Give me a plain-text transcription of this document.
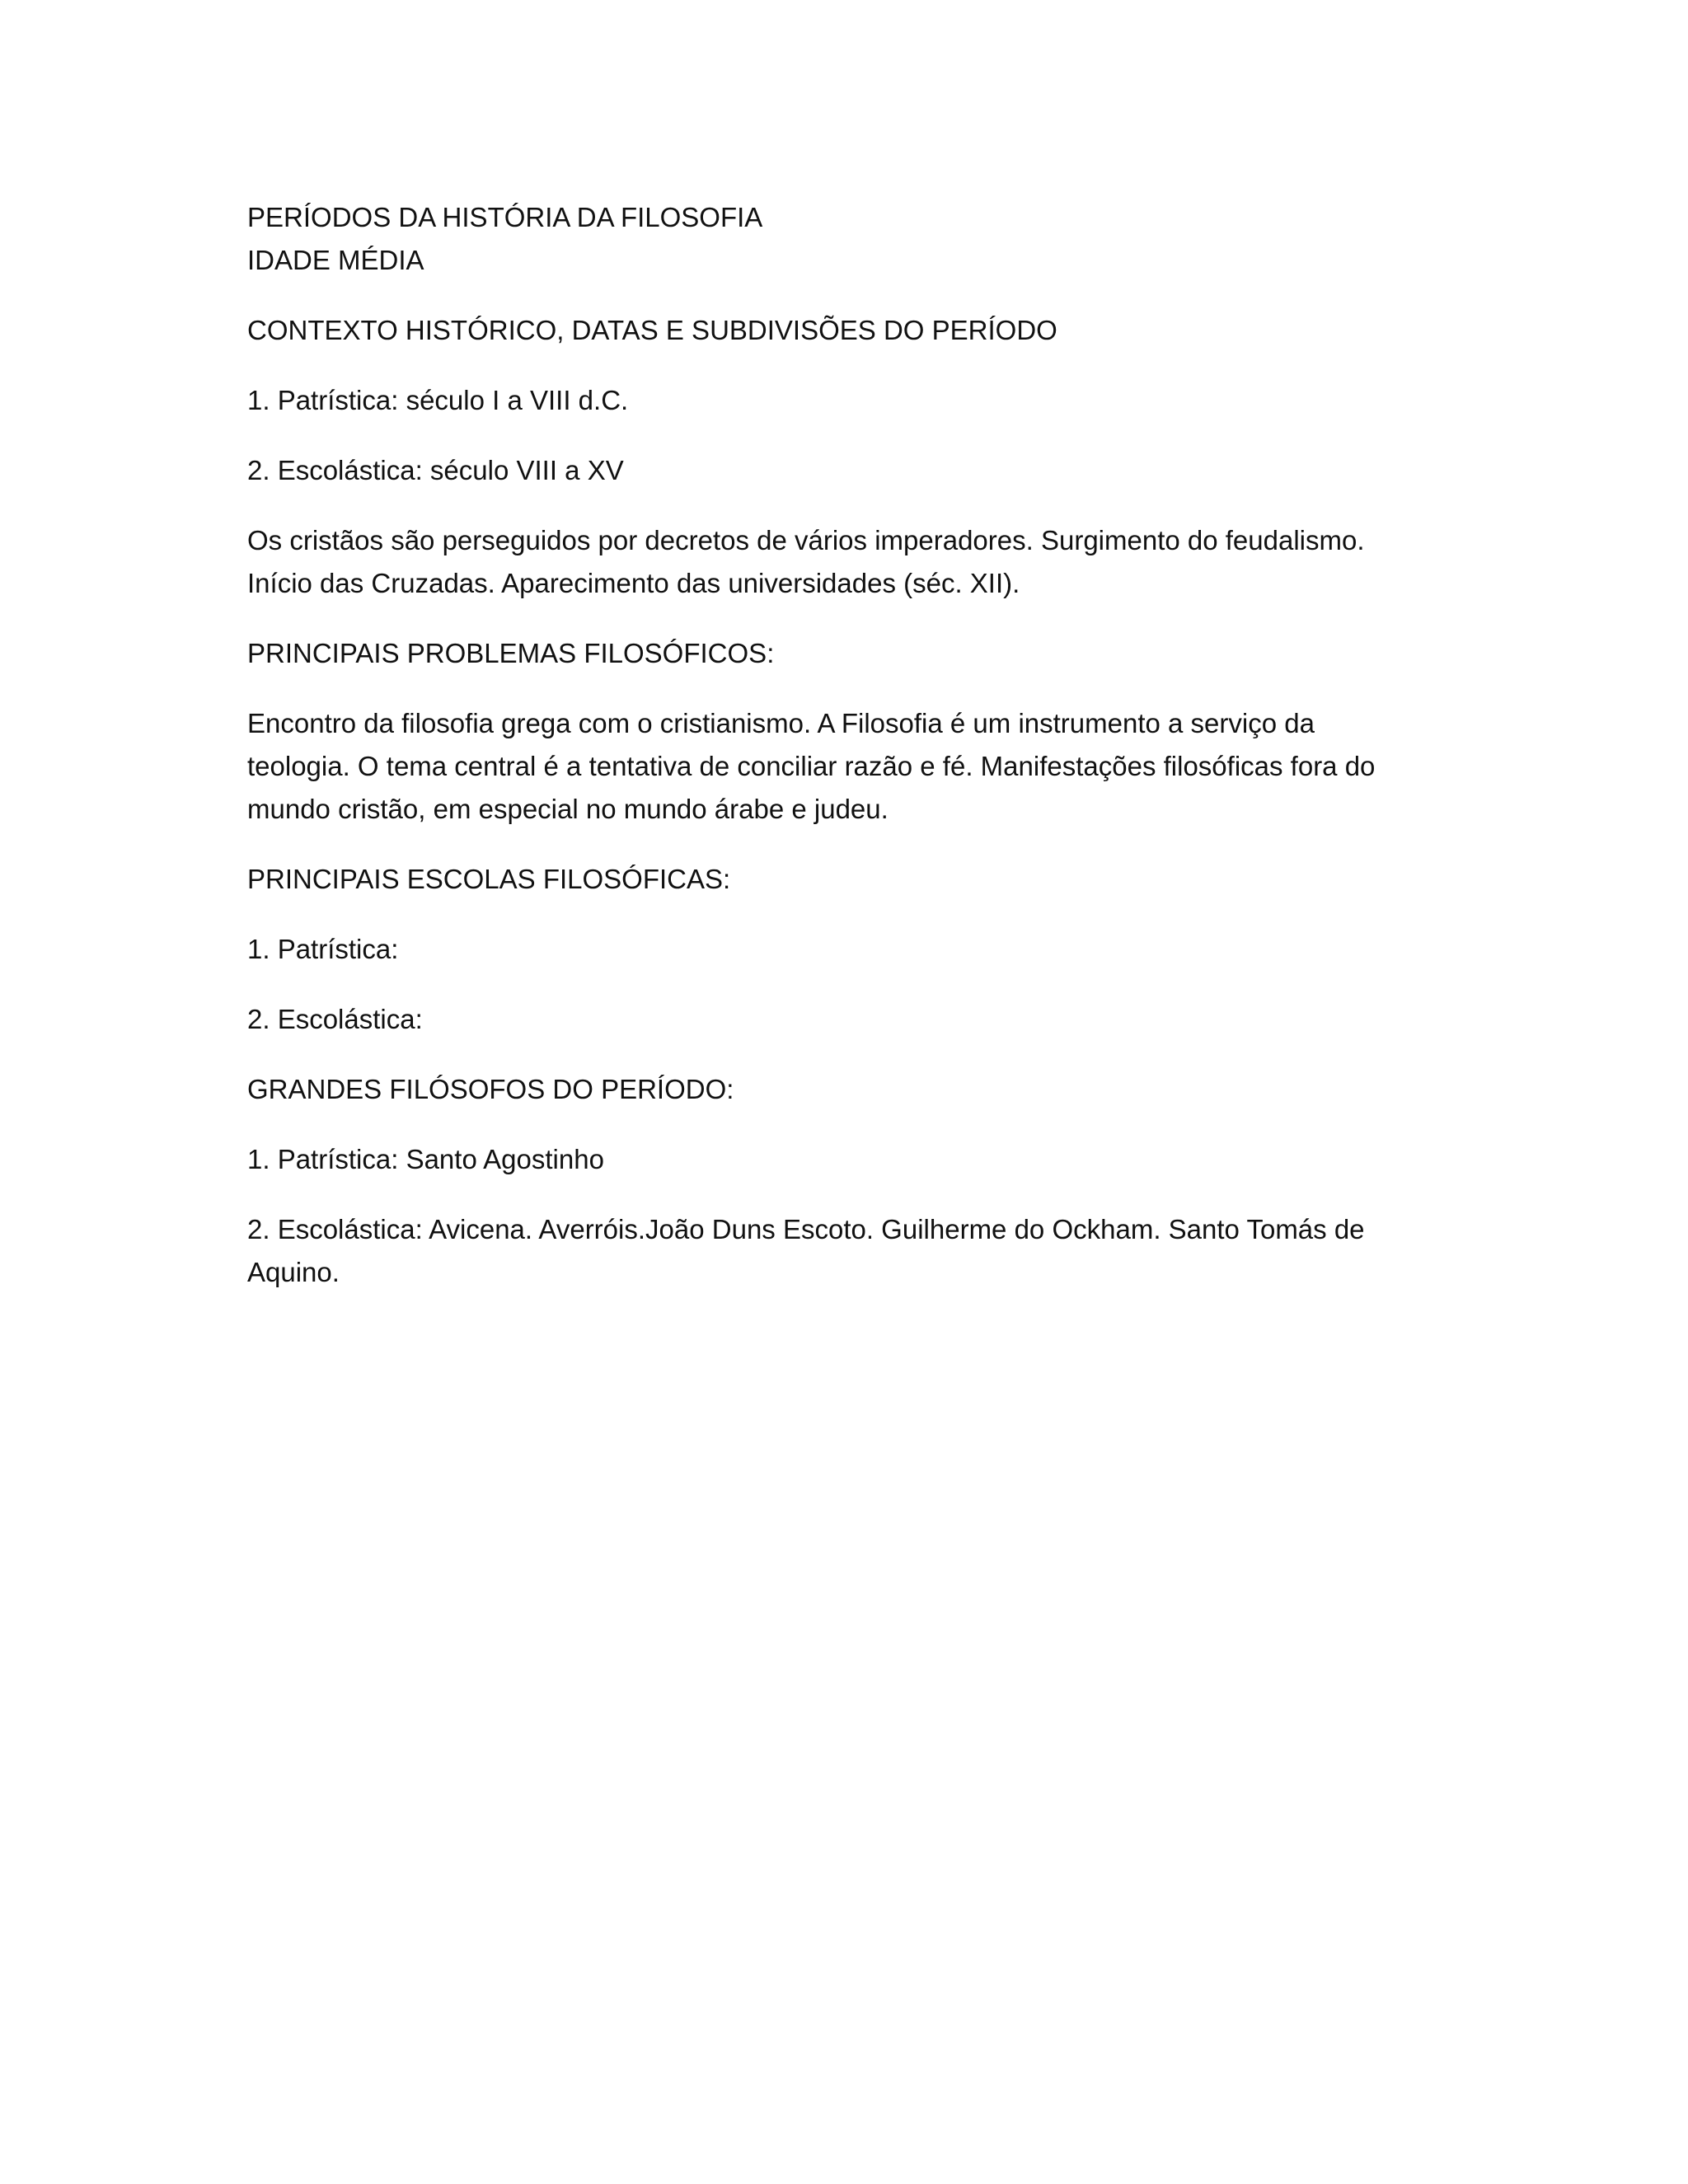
PERÍODOS DA HISTÓRIA DA FILOSOFIA
IDADE MÉDIA
CONTEXTO HISTÓRICO, DATAS E SUBDIVISÕES DO PERÍODO
1. Patrística: século I a VIII d.C.
2. Escolástica: século VIII a XV
Os cristãos são perseguidos por decretos de vários imperadores. Surgimento do feudalismo.
Início das Cruzadas. Aparecimento das universidades (séc. XII).
PRINCIPAIS PROBLEMAS FILOSÓFICOS:
Encontro da filosofia grega com o cristianismo. A Filosofia é um instrumento a serviço da
teologia. O tema central é a tentativa de conciliar razão e fé. Manifestações filosóficas fora do
mundo cristão, em especial no mundo árabe e judeu.
PRINCIPAIS ESCOLAS FILOSÓFICAS:
1. Patrística:
2. Escolástica:
GRANDES FILÓSOFOS DO PERÍODO:
1. Patrística: Santo Agostinho
2. Escolástica: Avicena. Averróis.João Duns Escoto. Guilherme do Ockham. Santo Tomás de
Aquino.
